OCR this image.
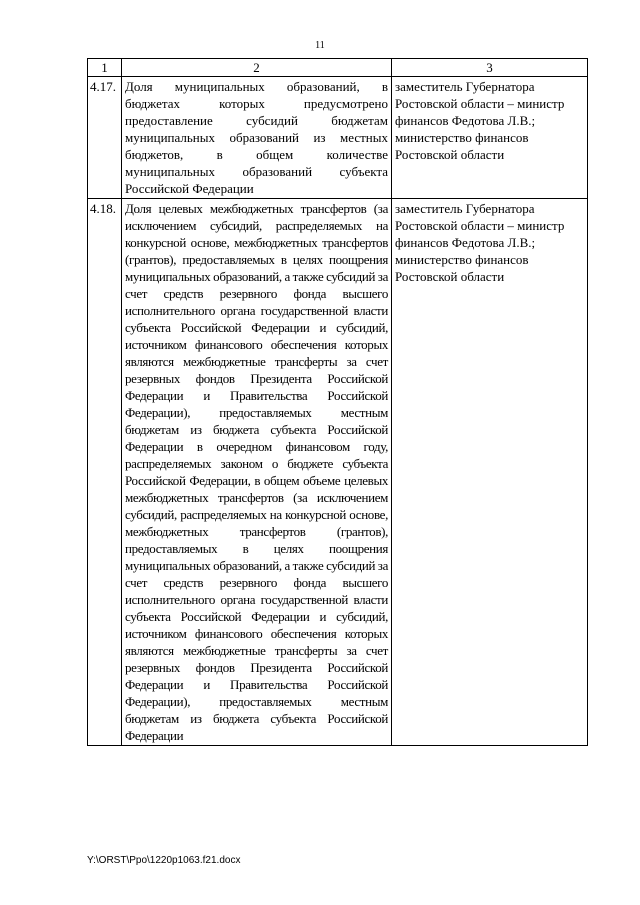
11
1	2	3
4.17.	Доля муниципальных образований, в бюджетах которых предусмотрено предоставление субсидий бюджетам муниципальных образований из местных бюджетов, в общем количестве муниципальных образований субъекта Российской Федерации	заместитель Губернатора Ростовской области – министр финансов Федотова Л.В.; министерство финансов Ростовской области
4.18.	Доля целевых межбюджетных трансфертов (за исключением субсидий, распределяемых на конкурсной основе, межбюджетных трансфертов (грантов), предоставляемых в целях поощрения муниципальных образований, а также субсидий за счет средств резервного фонда высшего исполнительного органа государственной власти субъекта Российской Федерации и субсидий, источником финансового обеспечения которых являются межбюджетные трансферты за счет резервных фондов Президента Российской Федерации и Правительства Российской Федерации), предоставляемых местным бюджетам из бюджета субъекта Российской Федерации в очередном финансовом году, распределяемых законом о бюджете субъекта Российской Федерации, в общем объеме целевых межбюджетных трансфертов (за исключением субсидий, распределяемых на конкурсной основе, межбюджетных трансфертов (грантов), предоставляемых в целях поощрения муниципальных образований, а также субсидий за счет средств резервного фонда высшего исполнительного органа государственной власти субъекта Российской Федерации и субсидий, источником финансового обеспечения которых являются межбюджетные трансферты за счет резервных фондов Президента Российской Федерации и Правительства Российской Федерации), предоставляемых местным бюджетам из бюджета субъекта Российской Федерации	заместитель Губернатора Ростовской области – министр финансов Федотова Л.В.; министерство финансов Ростовской области
Y:\ORST\Ppo\1220p1063.f21.docx
